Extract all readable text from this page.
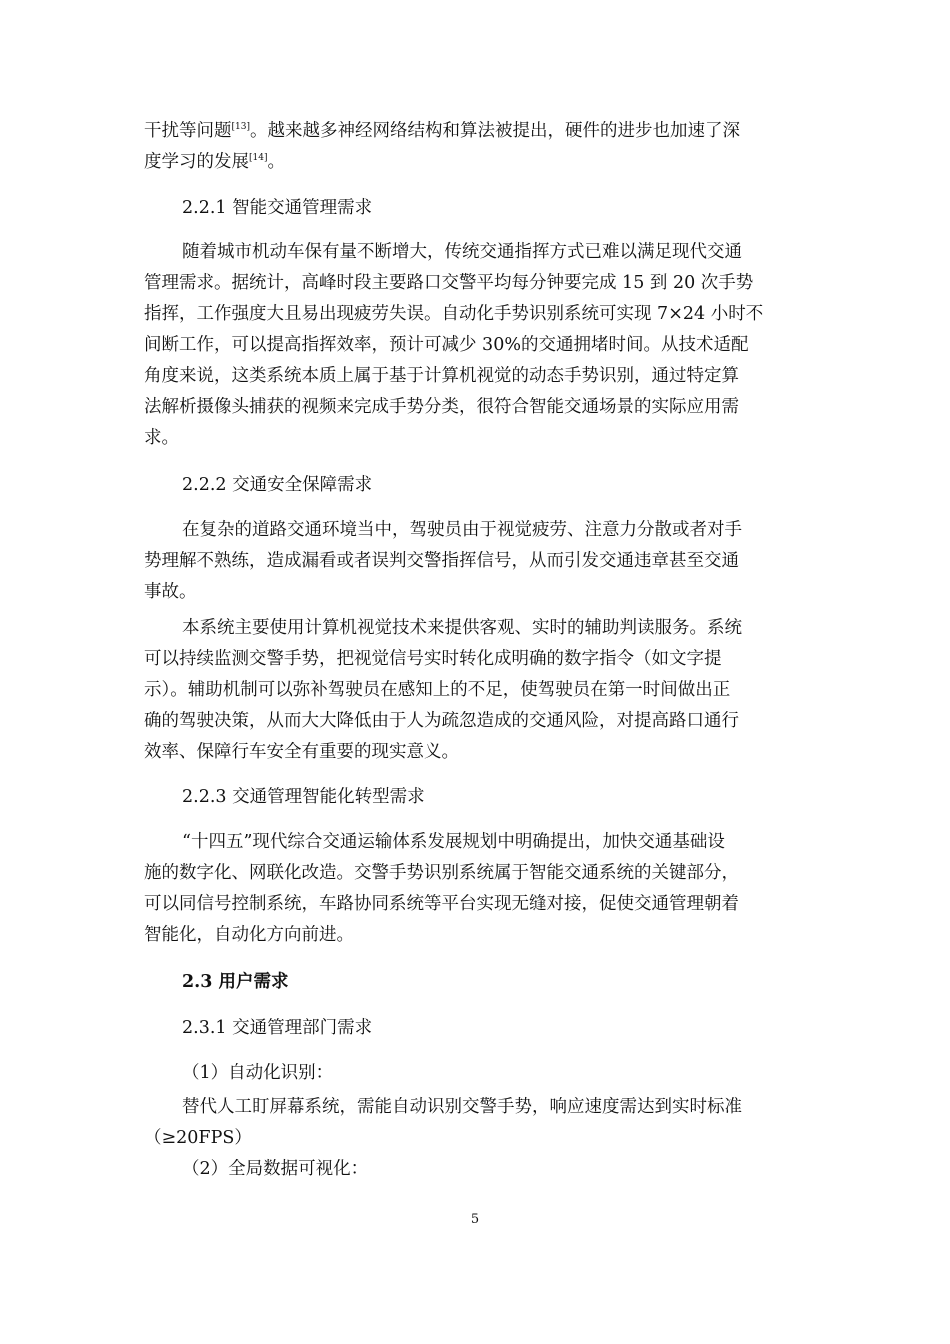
干扰等问题[13]。越来越多神经网络结构和算法被提出，硬件的进步也加速了深
度学习的发展[14]。
2.2.1 智能交通管理需求
随着城市机动车保有量不断增大，传统交通指挥方式已难以满足现代交通
管理需求。据统计，高峰时段主要路口交警平均每分钟要完成 15 到 20 次手势
指挥，工作强度大且易出现疲劳失误。自动化手势识别系统可实现 7×24 小时不
间断工作，可以提高指挥效率，预计可减少 30%的交通拥堵时间。从技术适配
角度来说，这类系统本质上属于基于计算机视觉的动态手势识别，通过特定算
法解析摄像头捕获的视频来完成手势分类，很符合智能交通场景的实际应用需
求。
2.2.2 交通安全保障需求
在复杂的道路交通环境当中，驾驶员由于视觉疲劳、注意力分散或者对手
势理解不熟练，造成漏看或者误判交警指挥信号，从而引发交通违章甚至交通
事故。
本系统主要使用计算机视觉技术来提供客观、实时的辅助判读服务。系统
可以持续监测交警手势，把视觉信号实时转化成明确的数字指令（如文字提
示）。辅助机制可以弥补驾驶员在感知上的不足，使驾驶员在第一时间做出正
确的驾驶决策，从而大大降低由于人为疏忽造成的交通风险，对提高路口通行
效率、保障行车安全有重要的现实意义。
2.2.3 交通管理智能化转型需求
“十四五”现代综合交通运输体系发展规划中明确提出，加快交通基础设
施的数字化、网联化改造。交警手势识别系统属于智能交通系统的关键部分，
可以同信号控制系统，车路协同系统等平台实现无缝对接，促使交通管理朝着
智能化，自动化方向前进。
2.3 用户需求
2.3.1 交通管理部门需求
（1）自动化识别：
替代人工盯屏幕系统，需能自动识别交警手势，响应速度需达到实时标准
（≥20FPS）
（2）全局数据可视化：
5
